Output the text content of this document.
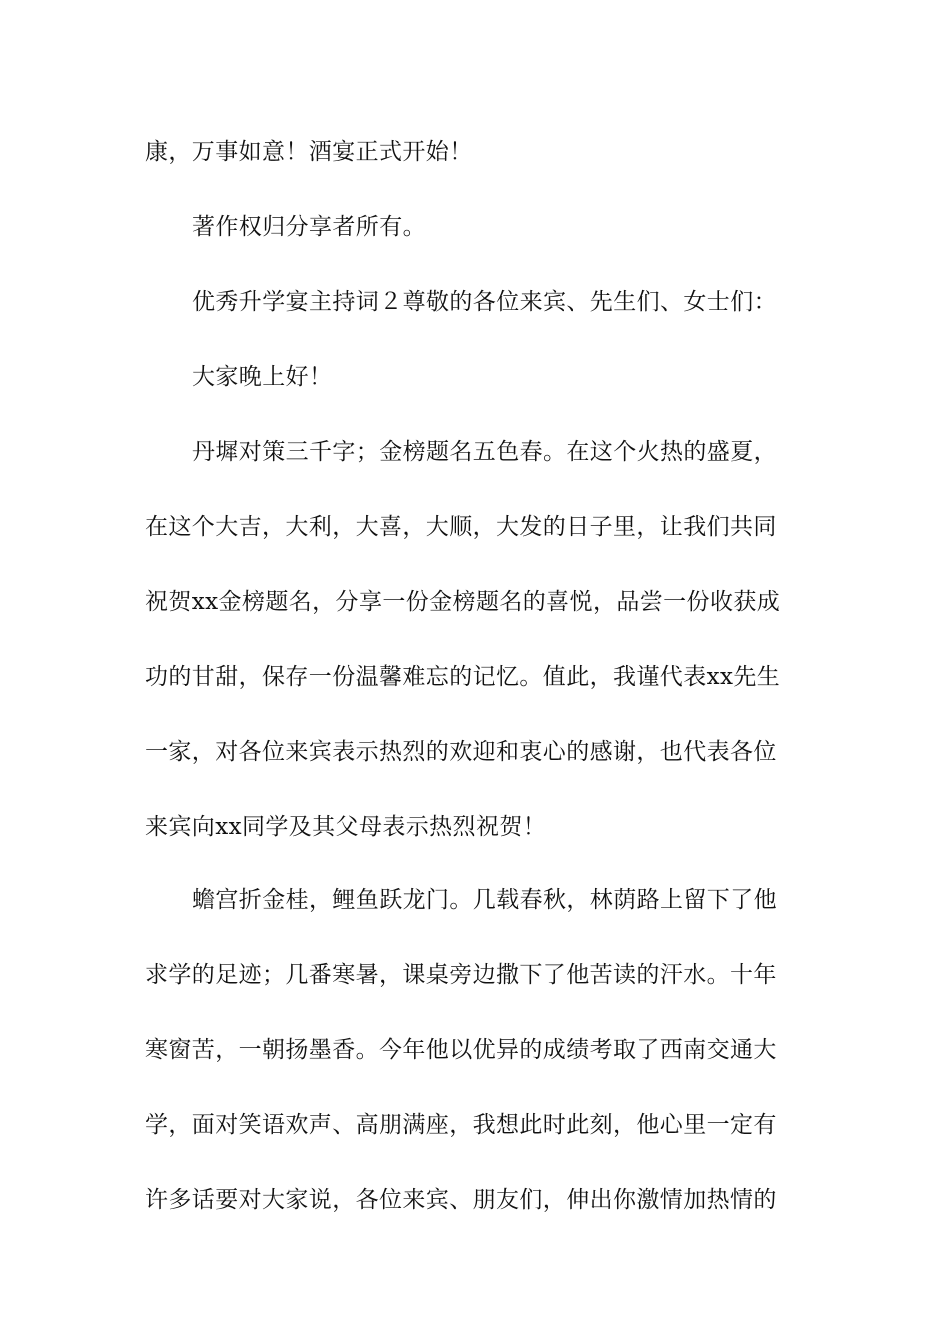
康，万事如意！酒宴正式开始！
著作权归分享者所有。
优秀升学宴主持词２尊敬的各位来宾、先生们、女士们：
大家晚上好！
丹墀对策三千字；金榜题名五色春。在这个火热的盛夏，
在这个大吉，大利，大喜，大顺，大发的日子里，让我们共同
祝贺xx金榜题名，分享一份金榜题名的喜悦，品尝一份收获成
功的甘甜，保存一份温馨难忘的记忆。值此，我谨代表xx先生
一家，对各位来宾表示热烈的欢迎和衷心的感谢，也代表各位
来宾向xx同学及其父母表示热烈祝贺！
蟾宫折金桂，鲤鱼跃龙门。几载春秋，林荫路上留下了他
求学的足迹；几番寒暑，课桌旁边撒下了他苦读的汗水。十年
寒窗苦，一朝扬墨香。今年他以优异的成绩考取了西南交通大
学，面对笑语欢声、高朋满座，我想此时此刻，他心里一定有
许多话要对大家说，各位来宾、朋友们，伸出你激情加热情的
